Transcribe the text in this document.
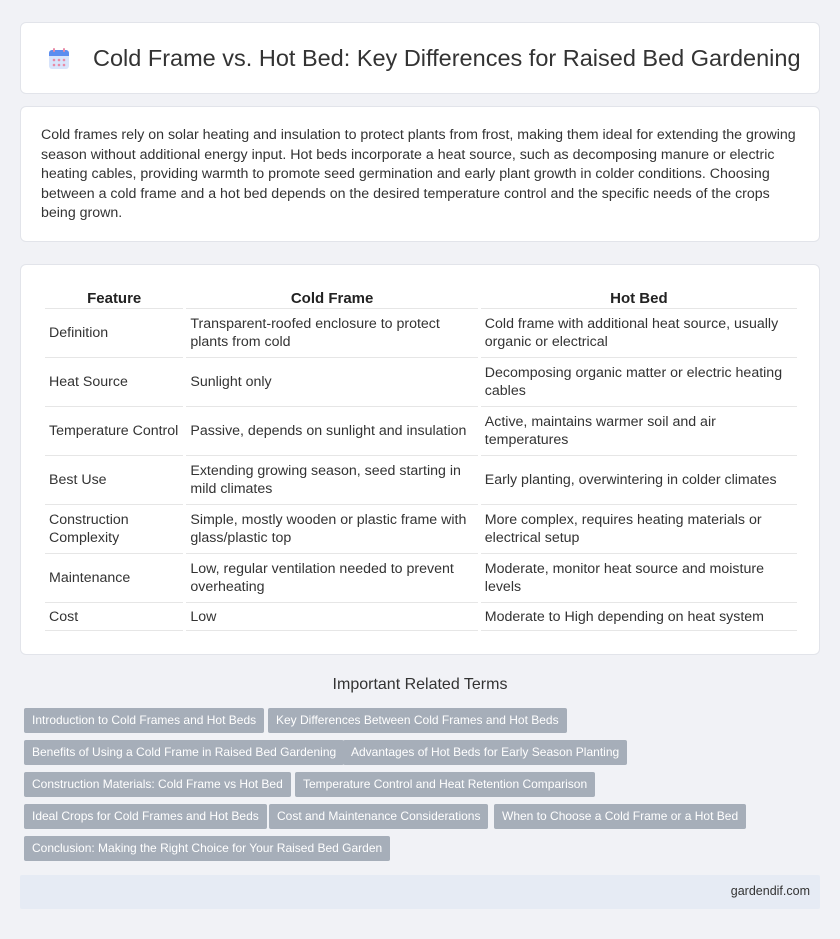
Cold Frame vs. Hot Bed: Key Differences for Raised Bed Gardening

Cold frames rely on solar heating and insulation to protect plants from frost, making them ideal for extending the growing season without additional energy input. Hot beds incorporate a heat source, such as decomposing manure or electric heating cables, providing warmth to promote seed germination and early plant growth in colder conditions. Choosing between a cold frame and a hot bed depends on the desired temperature control and the specific needs of the crops being grown.

Feature	Cold Frame	Hot Bed
Definition	Transparent-roofed enclosure to protect plants from cold	Cold frame with additional heat source, usually organic or electrical
Heat Source	Sunlight only	Decomposing organic matter or electric heating cables
Temperature Control	Passive, depends on sunlight and insulation	Active, maintains warmer soil and air temperatures
Best Use	Extending growing season, seed starting in mild climates	Early planting, overwintering in colder climates
Construction Complexity	Simple, mostly wooden or plastic frame with glass/plastic top	More complex, requires heating materials or electrical setup
Maintenance	Low, regular ventilation needed to prevent overheating	Moderate, monitor heat source and moisture levels
Cost	Low	Moderate to High depending on heat system
Important Related Terms
Introduction to Cold Frames and Hot Beds	Key Differences Between Cold Frames and Hot Beds
Benefits of Using a Cold Frame in Raised Bed Gardening	Advantages of Hot Beds for Early Season Planting
Construction Materials: Cold Frame vs Hot Bed	Temperature Control and Heat Retention Comparison
Ideal Crops for Cold Frames and Hot Beds	Cost and Maintenance Considerations	When to Choose a Cold Frame or a Hot Bed
Conclusion: Making the Right Choice for Your Raised Bed Garden
gardendif.com
